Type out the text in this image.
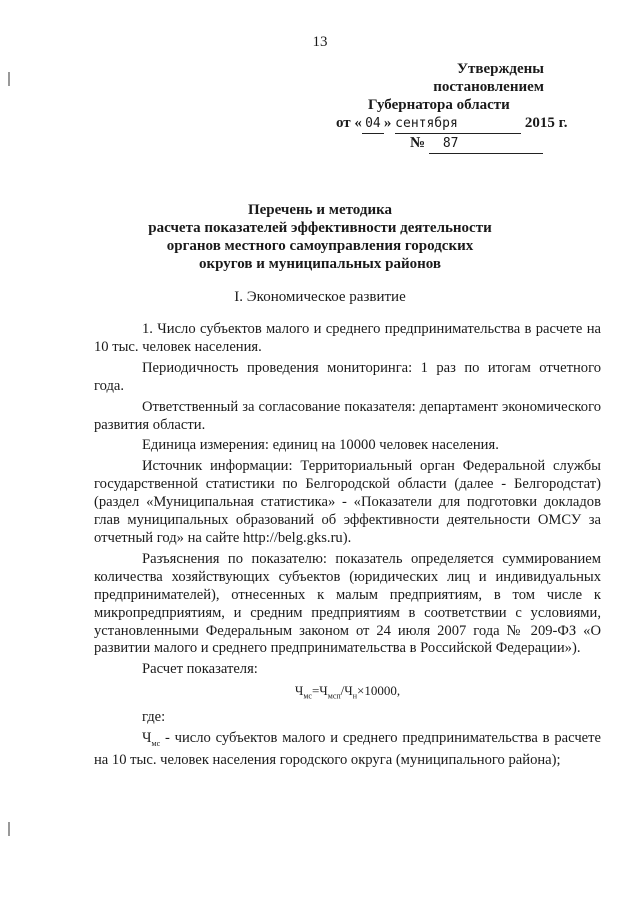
13
Утверждены
постановлением
Губернатора области
от « 04 » сентября	2015 г.
№ 87
Перечень и методика
расчета показателей эффективности деятельности
органов местного самоуправления городских
округов и муниципальных районов
I. Экономическое развитие

1. Число субъектов малого и среднего предпринимательства в расчете на 10 тыс. человек населения.

Периодичность проведения мониторинга: 1 раз по итогам отчетного года.

Ответственный за согласование показателя: департамент экономического развития области.

Единица измерения: единиц на 10000 человек населения.

Источник информации: Территориальный орган Федеральной службы государственной статистики по Белгородской области (далее - Белгородстат) (раздел «Муниципальная статистика» - «Показатели для подготовки докладов глав муниципальных образований об эффективности деятельности ОМСУ за отчетный год» на сайте http://belg.gks.ru).

Разъяснения по показателю: показатель определяется суммированием количества хозяйствующих субъектов (юридических лиц и индивидуальных предпринимателей), отнесенных к малым предприятиям, в том числе к микропредприятиям, и средним предприятиям в соответствии с условиями, установленными Федеральным законом от 24 июля 2007 года № 209-ФЗ «О развитии малого и среднего предпринимательства в Российской Федерации»).

Расчет показателя:

$Ч_{мс}=Ч_{мсп}/Ч_н\times 10000$,

где:

$Ч_{мс}$ - число субъектов малого и среднего предпринимательства в расчете на 10 тыс. человек населения городского округа (муниципального района);
